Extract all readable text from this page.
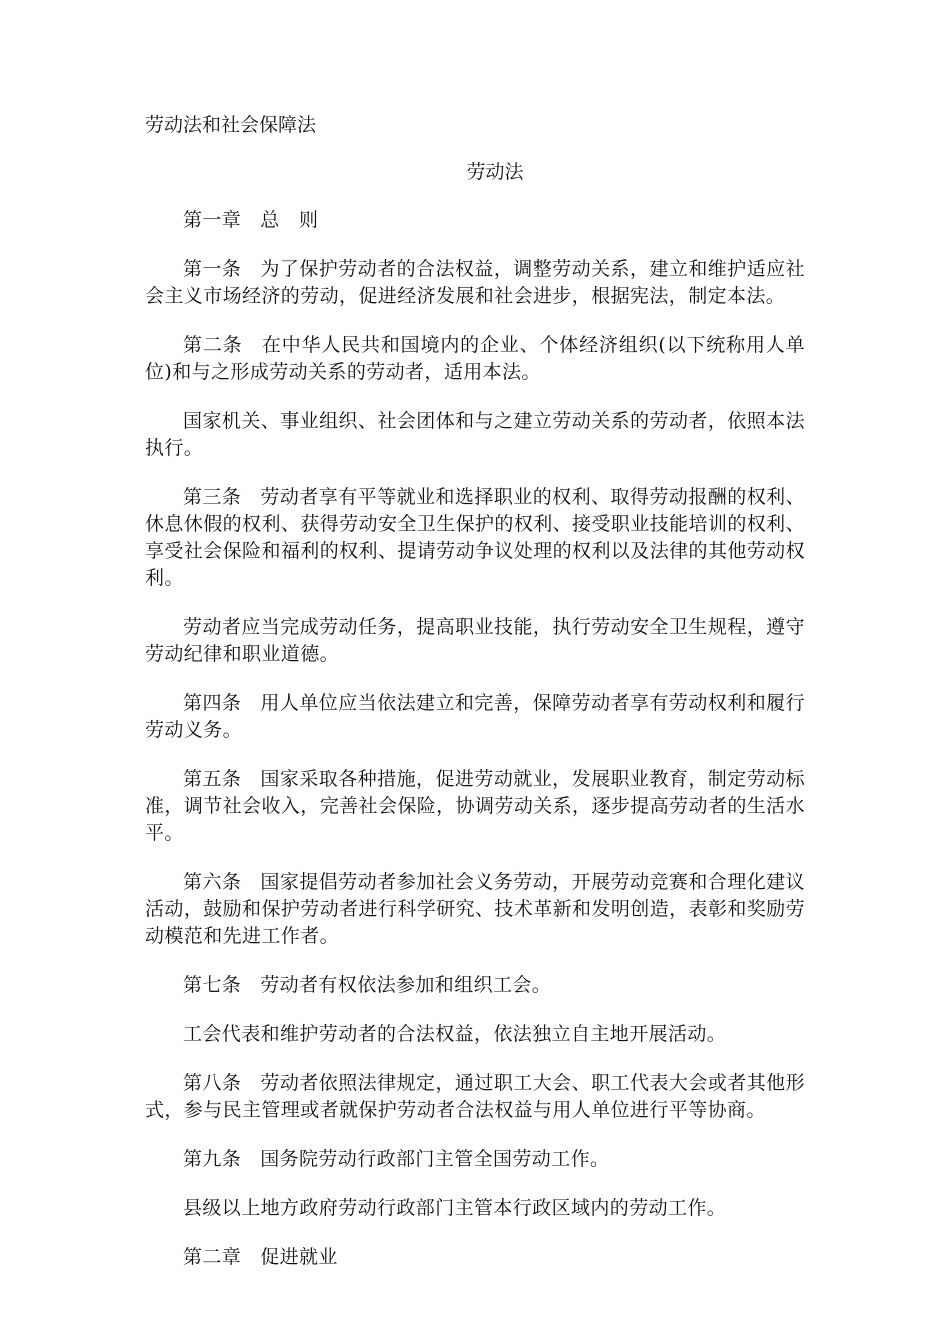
劳动法和社会保障法
劳动法

第一章 总　则

第一条 为了保护劳动者的合法权益，调整劳动关系，建立和维护适应社会主义市场经济的劳动，促进经济发展和社会进步，根据宪法，制定本法。

第二条 在中华人民共和国境内的企业、个体经济组织(以下统称用人单位)和与之形成劳动关系的劳动者，适用本法。

国家机关、事业组织、社会团体和与之建立劳动关系的劳动者，依照本法执行。

第三条 劳动者享有平等就业和选择职业的权利、取得劳动报酬的权利、休息休假的权利、获得劳动安全卫生保护的权利、接受职业技能培训的权利、享受社会保险和福利的权利、提请劳动争议处理的权利以及法律的其他劳动权利。

劳动者应当完成劳动任务，提高职业技能，执行劳动安全卫生规程，遵守劳动纪律和职业道德。

第四条 用人单位应当依法建立和完善，保障劳动者享有劳动权利和履行劳动义务。

第五条 国家采取各种措施，促进劳动就业，发展职业教育，制定劳动标准，调节社会收入，完善社会保险，协调劳动关系，逐步提高劳动者的生活水平。

第六条 国家提倡劳动者参加社会义务劳动，开展劳动竞赛和合理化建议活动，鼓励和保护劳动者进行科学研究、技术革新和发明创造，表彰和奖励劳动模范和先进工作者。

第七条 劳动者有权依法参加和组织工会。

工会代表和维护劳动者的合法权益，依法独立自主地开展活动。

第八条 劳动者依照法律规定，通过职工大会、职工代表大会或者其他形式，参与民主管理或者就保护劳动者合法权益与用人单位进行平等协商。

第九条 国务院劳动行政部门主管全国劳动工作。

县级以上地方政府劳动行政部门主管本行政区域内的劳动工作。

第二章 促进就业
